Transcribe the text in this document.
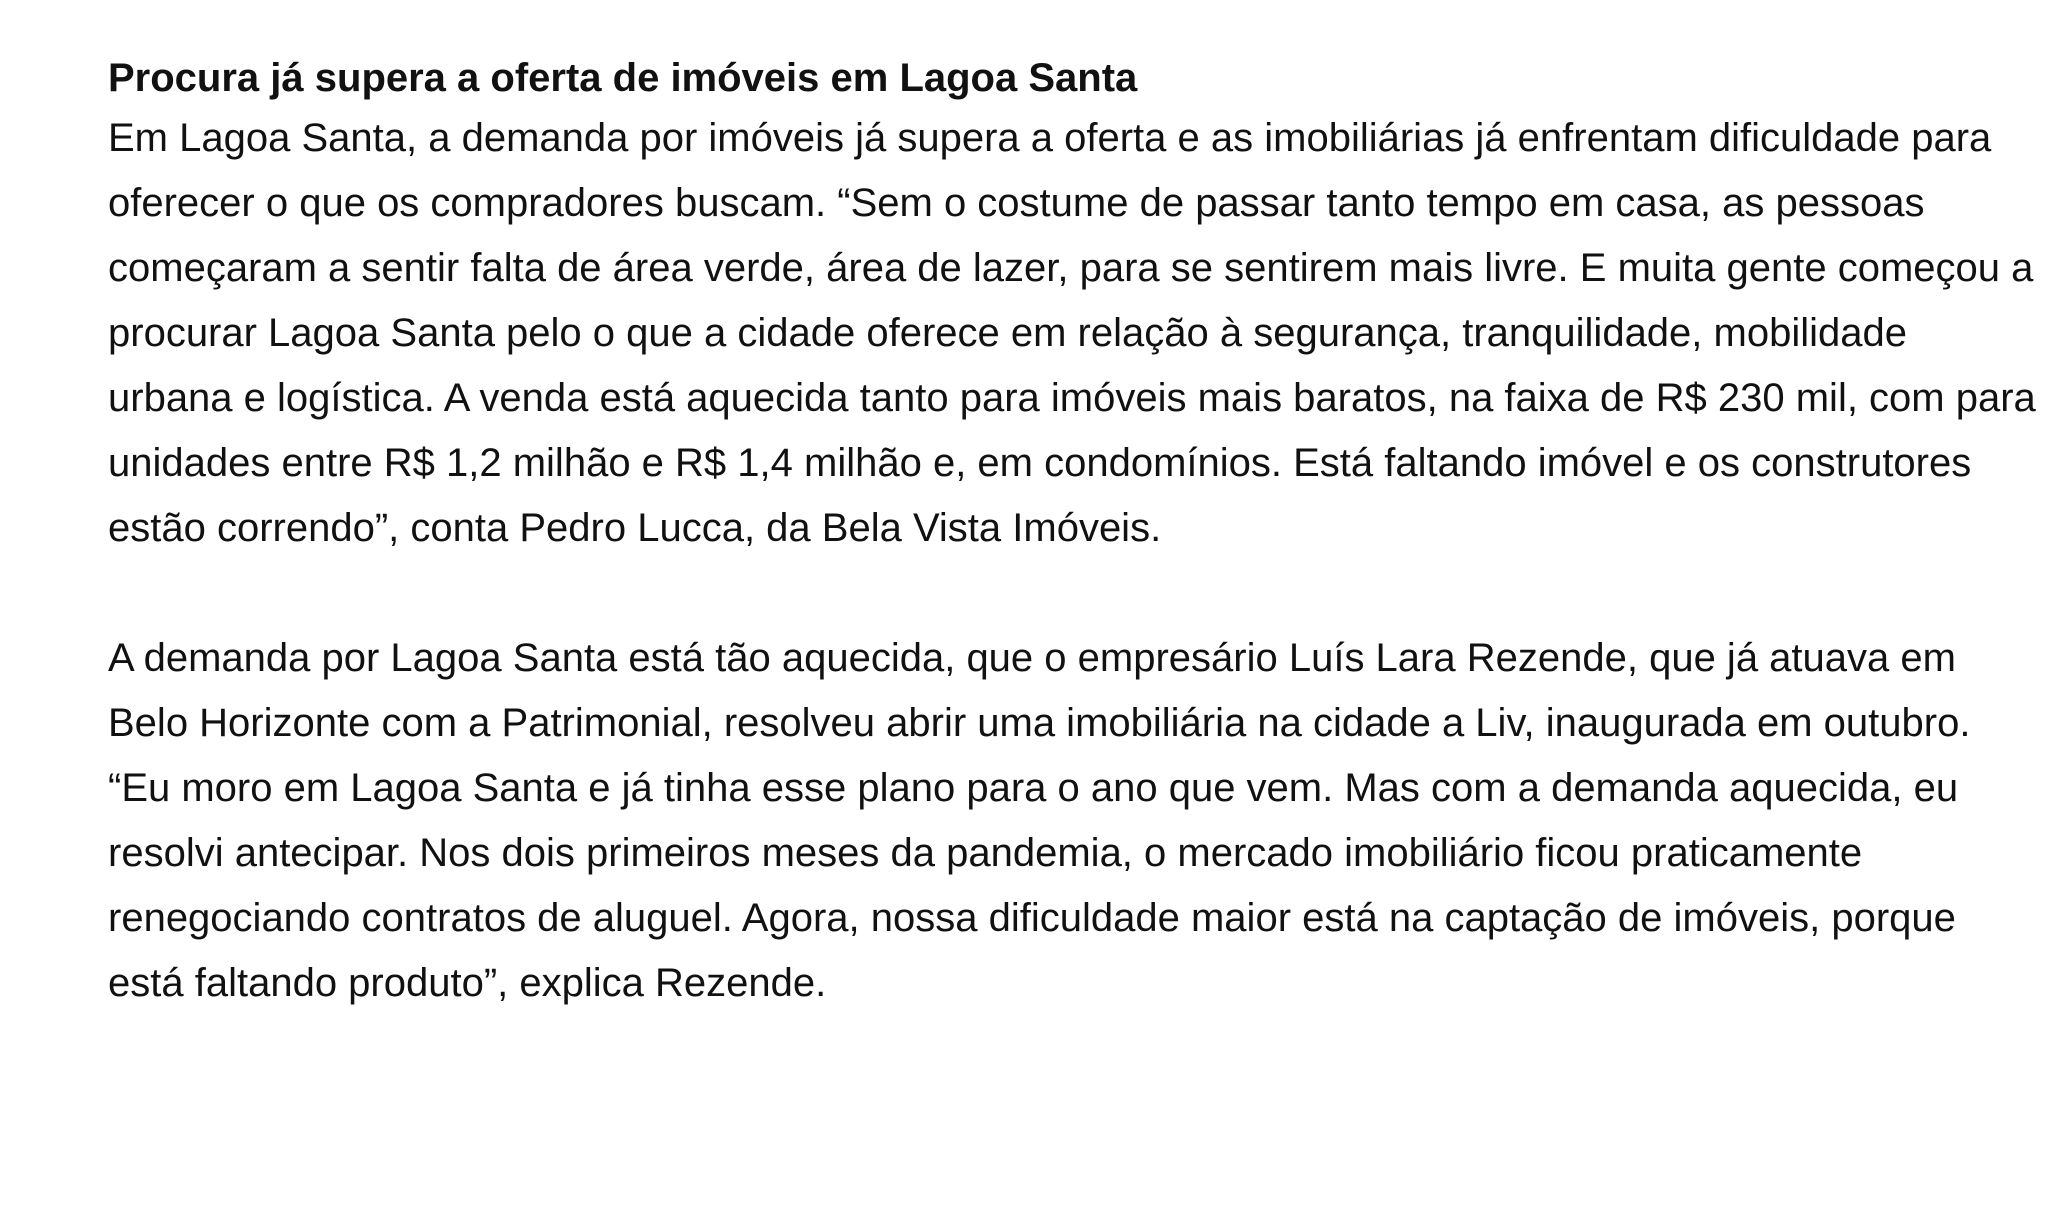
Procura já supera a oferta de imóveis em Lagoa Santa

Em Lagoa Santa, a demanda por imóveis já supera a oferta e as imobiliárias já enfrentam dificuldade para oferecer o que os compradores buscam. “Sem o costume de passar tanto tempo em casa, as pessoas começaram a sentir falta de área verde, área de lazer, para se sentirem mais livre. E muita gente começou a procurar Lagoa Santa pelo o que a cidade oferece em relação à segurança, tranquilidade, mobilidade urbana e logística. A venda está aquecida tanto para imóveis mais baratos, na faixa de R$ 230 mil, com para unidades entre R$ 1,2 milhão e R$ 1,4 milhão e, em condomínios. Está faltando imóvel e os construtores estão correndo”, conta Pedro Lucca, da Bela Vista Imóveis.

A demanda por Lagoa Santa está tão aquecida, que o empresário Luís Lara Rezende, que já atuava em Belo Horizonte com a Patrimonial, resolveu abrir uma imobiliária na cidade a Liv, inaugurada em outubro. “Eu moro em Lagoa Santa e já tinha esse plano para o ano que vem. Mas com a demanda aquecida, eu resolvi antecipar. Nos dois primeiros meses da pandemia, o mercado imobiliário ficou praticamente renegociando contratos de aluguel. Agora, nossa dificuldade maior está na captação de imóveis, porque está faltando produto”, explica Rezende.
